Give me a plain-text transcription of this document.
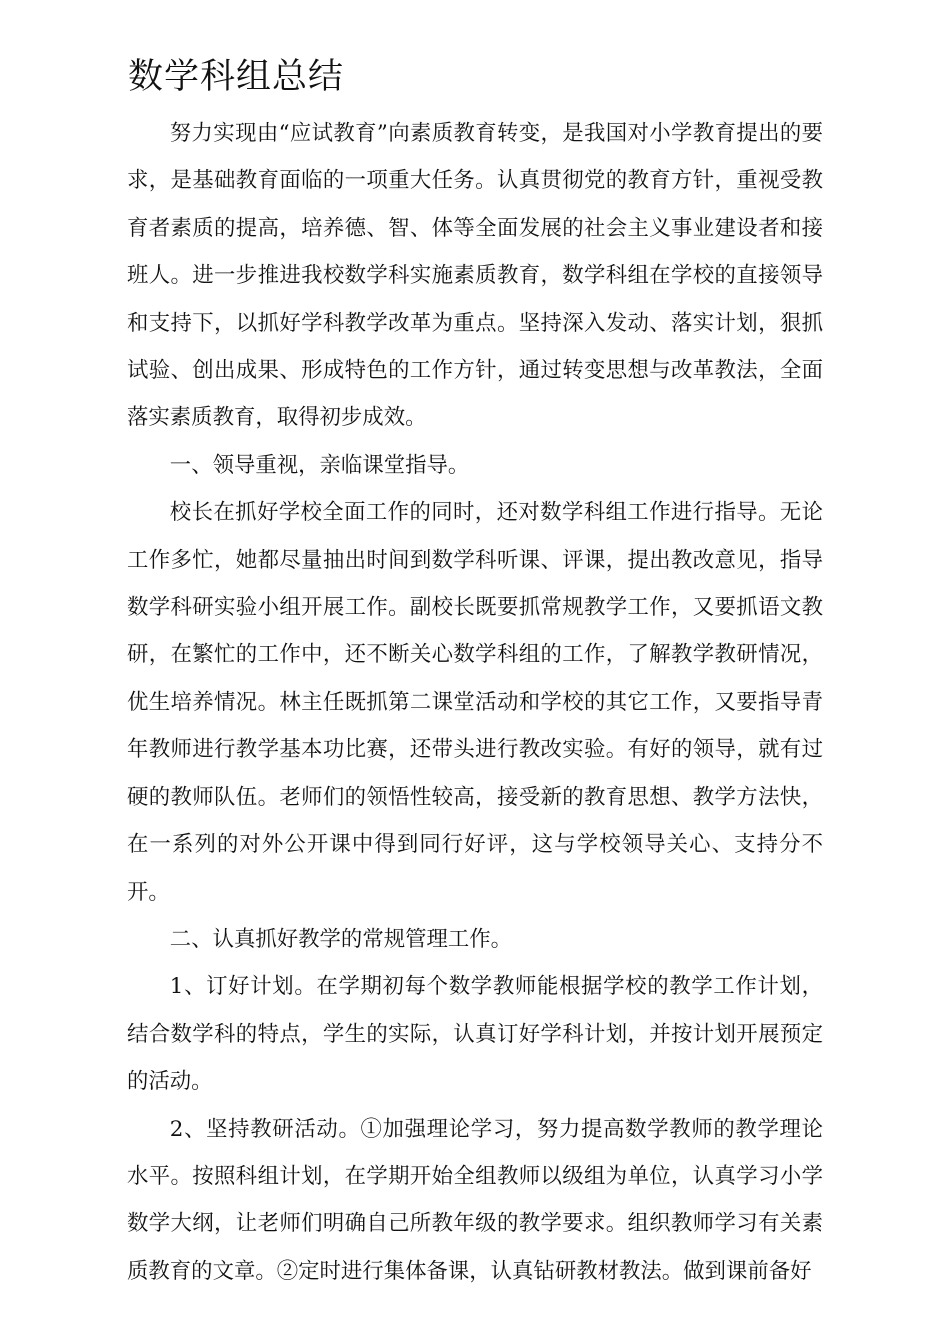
数学科组总结

努力实现由“应试教育”向素质教育转变，是我国对小学教育提出的要求，是基础教育面临的一项重大任务。认真贯彻党的教育方针，重视受教育者素质的提高，培养德、智、体等全面发展的社会主义事业建设者和接班人。进一步推进我校数学科实施素质教育，数学科组在学校的直接领导和支持下，以抓好学科教学改革为重点。坚持深入发动、落实计划，狠抓试验、创出成果、形成特色的工作方针，通过转变思想与改革教法，全面落实素质教育，取得初步成效。

一、领导重视，亲临课堂指导。

校长在抓好学校全面工作的同时，还对数学科组工作进行指导。无论工作多忙，她都尽量抽出时间到数学科听课、评课，提出教改意见，指导数学科研实验小组开展工作。副校长既要抓常规教学工作，又要抓语文教研，在繁忙的工作中，还不断关心数学科组的工作，了解教学教研情况，优生培养情况。林主任既抓第二课堂活动和学校的其它工作，又要指导青年教师进行教学基本功比赛，还带头进行教改实验。有好的领导，就有过硬的教师队伍。老师们的领悟性较高，接受新的教育思想、教学方法快，在一系列的对外公开课中得到同行好评，这与学校领导关心、支持分不开。

二、认真抓好教学的常规管理工作。

1、订好计划。在学期初每个数学教师能根据学校的教学工作计划，结合数学科的特点，学生的实际，认真订好学科计划，并按计划开展预定的活动。

2、坚持教研活动。①加强理论学习，努力提高数学教师的教学理论水平。按照科组计划，在学期开始全组教师以级组为单位，认真学习小学数学大纲，让老师们明确自己所教年级的教学要求。组织教师学习有关素质教育的文章。②定时进行集体备课，认真钻研教材教法。做到课前备好
